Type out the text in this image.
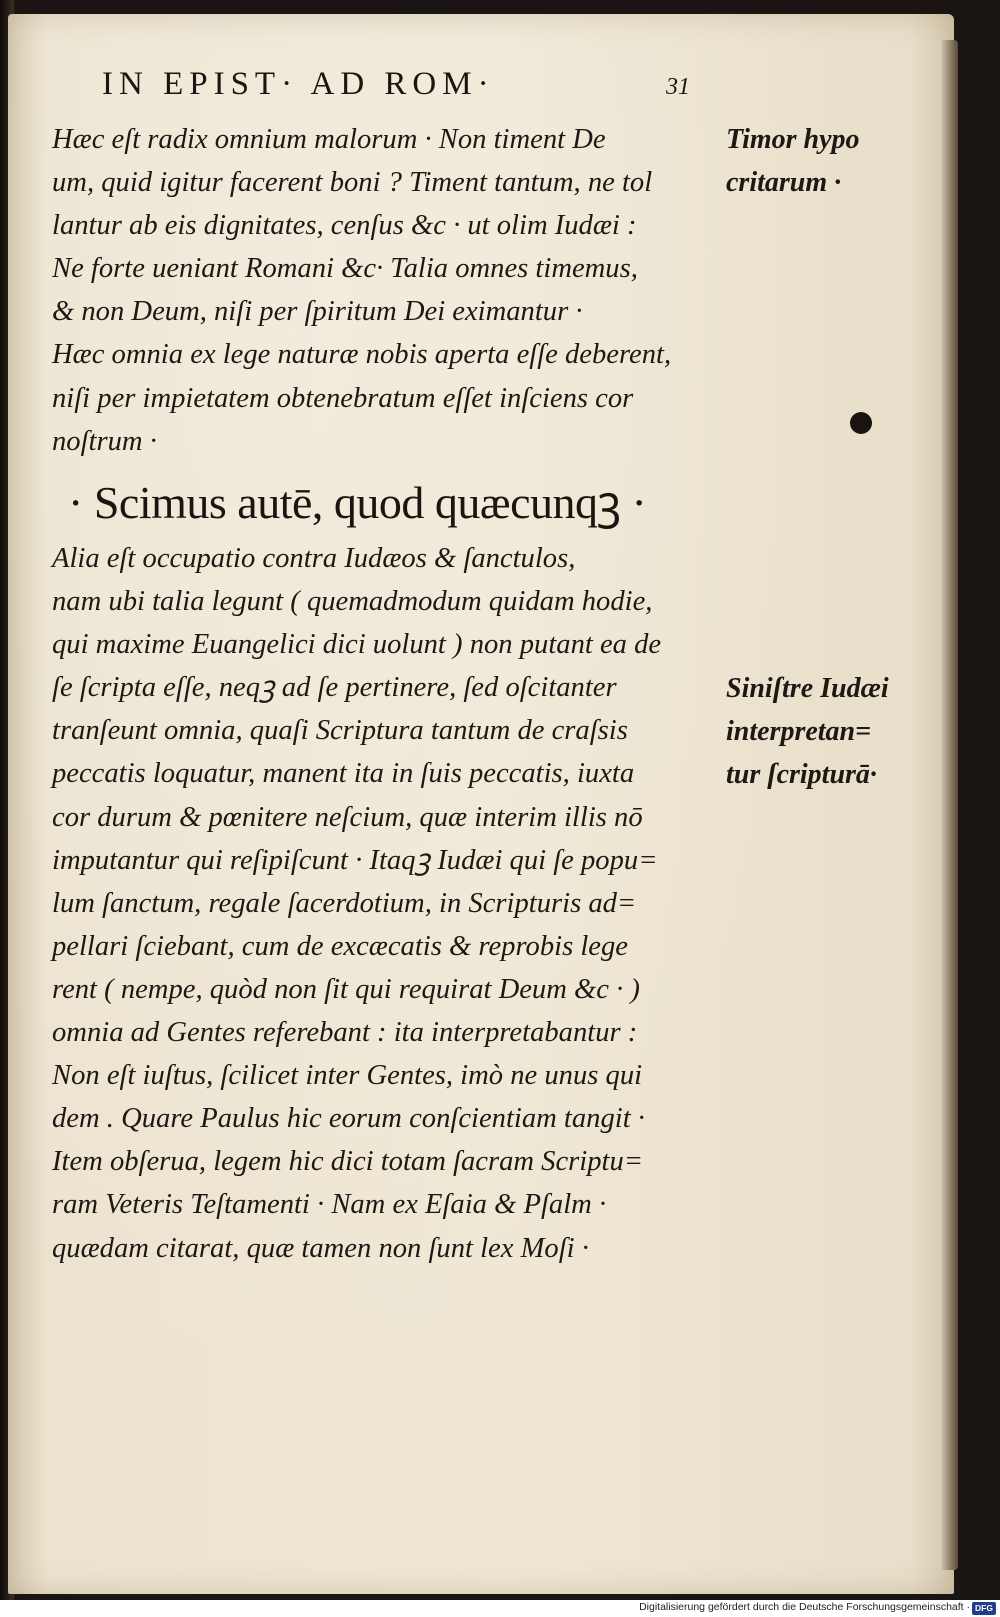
IN EPIST· AD ROM·	31
Hæc eſt radix omnium malorum · Non timent De
um, quid igitur facerent boni ? Timent tantum, ne tol
lantur ab eis dignitates, cenſus &c · ut olim Iudæi :
Ne forte ueniant Romani &c· Talia omnes timemus,
& non Deum, niſi per ſpiritum Dei eximantur ·
Hæc omnia ex lege naturæ nobis aperta eſſe deberent,
niſi per impietatem obtenebratum eſſet inſciens cor
noſtrum ·
· Scimus autē, quod quæcunqꝫ ·
Alia eſt occupatio contra Iudæos & ſanctulos,
nam ubi talia legunt ( quemadmodum quidam hodie,
qui maxime Euangelici dici uolunt ) non putant ea de
ſe ſcripta eſſe, neqꝫ ad ſe pertinere, ſed oſcitanter
tranſeunt omnia, quaſi Scriptura tantum de craſsis
peccatis loquatur, manent ita in ſuis peccatis, iuxta
cor durum & pœnitere neſcium, quæ interim illis nō
imputantur qui reſipiſcunt · Itaqꝫ Iudæi qui ſe popu=
lum ſanctum, regale ſacerdotium, in Scripturis ad=
pellari ſciebant, cum de excæcatis & reprobis lege
rent ( nempe, quòd non ſit qui requirat Deum &c · )
omnia ad Gentes referebant : ita interpretabantur :
Non eſt iuſtus, ſcilicet inter Gentes, imò ne unus qui
dem . Quare Paulus hic eorum conſcientiam tangit ·
Item obſerua, legem hic dici totam ſacram Scriptu=
ram Veteris Teſtamenti · Nam ex Eſaia & Pſalm ·
quædam citarat, quæ tamen non ſunt lex Moſi ·
Timor hypo
critarum ·
Siniſtre Iudæi
interpretan=
tur ſcripturā·
Digitalisierung gefördert durch die Deutsche Forschungsgemeinschaft · DFG
